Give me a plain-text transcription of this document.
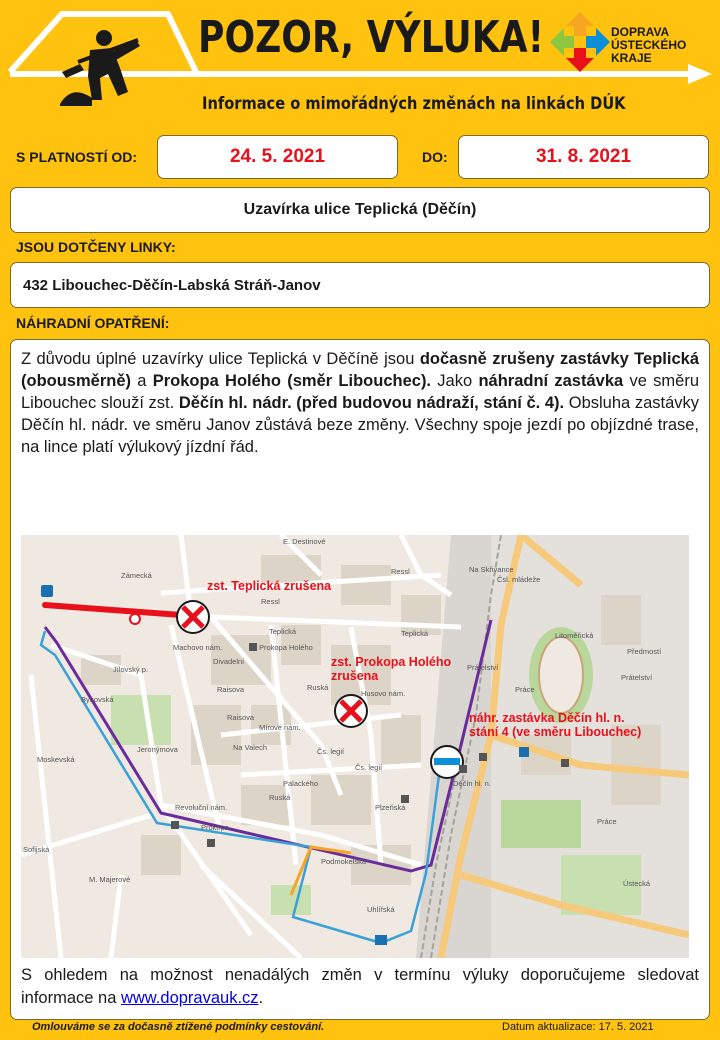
POZOR, VÝLUKA!
Informace o mimořádných změnách na linkách DÚK
DOPRAVA
ÚSTECKÉHO
KRAJE
S PLATNOSTÍ OD:	24. 5. 2021	DO:	31. 8. 2021
Uzavírka ulice Teplická (Děčín)
JSOU DOTČENY LINKY:
432 Libouchec-Děčín-Labská Stráň-Janov
NÁHRADNÍ OPATŘENÍ:
Z důvodu úplné uzavírky ulice Teplická v Děčíně jsou dočasně zrušeny zastávky Teplická (obousměrně) a Prokopa Holého (směr Libouchec). Jako náhradní zastávka ve směru Libouchec slouží zst. Děčín hl. nádr. (před budovou nádraží, stání č. 4). Obsluha zastávky Děčín hl. nádr. ve směru Janov zůstává beze změny. Všechny spoje jezdí po objízdné trase, na lince platí výlukový jízdní řád.
zst. Teplická zrušena
zst. Prokopa Holého
zrušena
náhr. zastávka Děčín hl. n.
stání 4 (ve směru Libouchec)
E. Destinové
Ressl
Ressl
Teplická	Teplická
Prokopa Holého
Raisova
Raisova
Divadelní
Mírové nám.
Na Valech
Palackého
Čs. legií
Čs. legií
Plzeňská
Ruská
Ruská
Podmokelská
Uhlířská
Revoluční nám.
M. Majerové
Sofijská
Moskevská
Prokopa
Husovo nám.
Machovo nám.
Děčín hl. n.
Prátelství
Prátelství
Práce
Práce
Ústecká
Předmostí
Na Skřivance
Čsl. mládeže
Litoměřická
Jeronýmova
Bynovská
Zámecká
Jílovský p.
S ohledem na možnost nenadálých změn v termínu výluky doporučujeme sledovat informace na www.dopravauk.cz.
Omlouváme se za dočasně ztížené podmínky cestování.	Datum aktualizace: 17. 5. 2021
